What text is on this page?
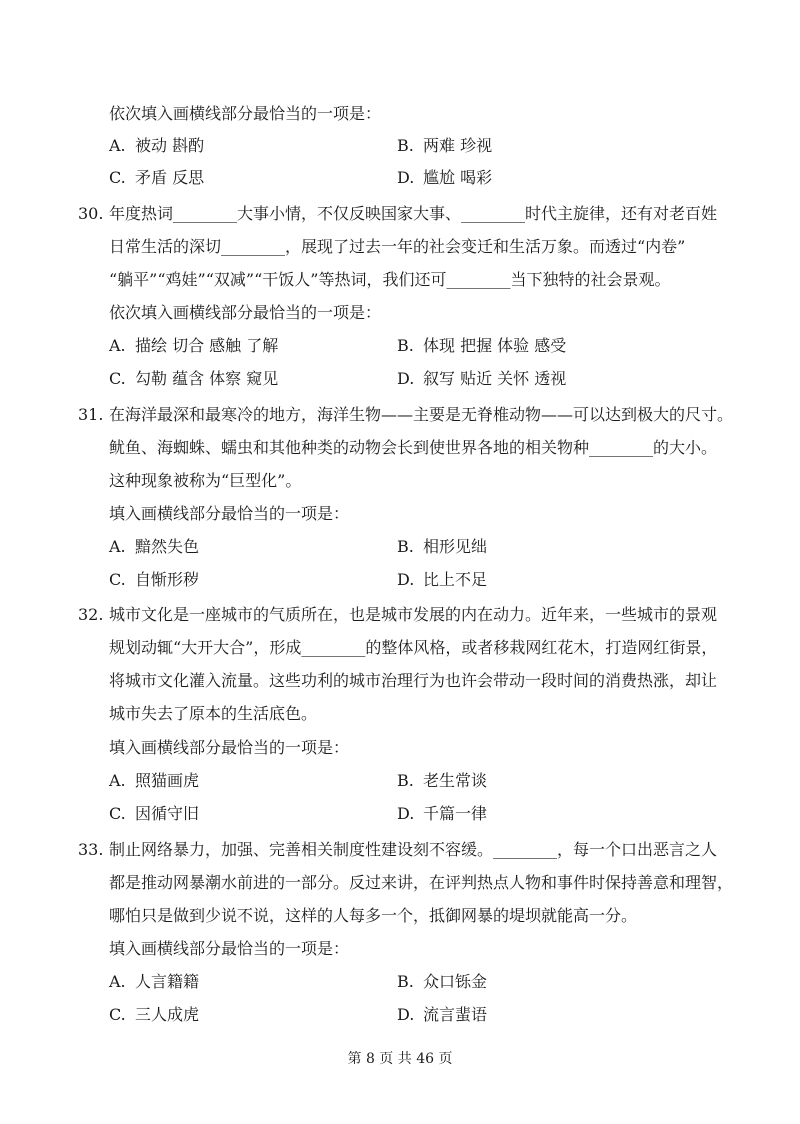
依次填入画横线部分最恰当的一项是：
A. 被动 斟酌	B. 两难 珍视
C. 矛盾 反思	D. 尴尬 喝彩
30. 年度热词________大事小情，不仅反映国家大事、________时代主旋律，还有对老百姓
日常生活的深切________，展现了过去一年的社会变迁和生活万象。而透过“内卷”
“躺平”“鸡娃”“双减”“干饭人”等热词，我们还可________当下独特的社会景观。
依次填入画横线部分最恰当的一项是：
A. 描绘 切合 感触 了解	B. 体现 把握 体验 感受
C. 勾勒 蕴含 体察 窥见	D. 叙写 贴近 关怀 透视
31. 在海洋最深和最寒冷的地方，海洋生物——主要是无脊椎动物——可以达到极大的尺寸。
鱿鱼、海蜘蛛、蠕虫和其他种类的动物会长到使世界各地的相关物种________的大小。
这种现象被称为“巨型化”。
填入画横线部分最恰当的一项是：
A. 黯然失色	B. 相形见绌
C. 自惭形秽	D. 比上不足
32. 城市文化是一座城市的气质所在，也是城市发展的内在动力。近年来，一些城市的景观
规划动辄“大开大合”，形成________的整体风格，或者移栽网红花木，打造网红街景，
将城市文化灌入流量。这些功利的城市治理行为也许会带动一段时间的消费热涨，却让
城市失去了原本的生活底色。
填入画横线部分最恰当的一项是：
A. 照猫画虎	B. 老生常谈
C. 因循守旧	D. 千篇一律
33. 制止网络暴力，加强、完善相关制度性建设刻不容缓。________，每一个口出恶言之人
都是推动网暴潮水前进的一部分。反过来讲，在评判热点人物和事件时保持善意和理智，
哪怕只是做到少说不说，这样的人每多一个，抵御网暴的堤坝就能高一分。
填入画横线部分最恰当的一项是：
A. 人言籍籍	B. 众口铄金
C. 三人成虎	D. 流言蜚语
第 8 页 共 46 页
